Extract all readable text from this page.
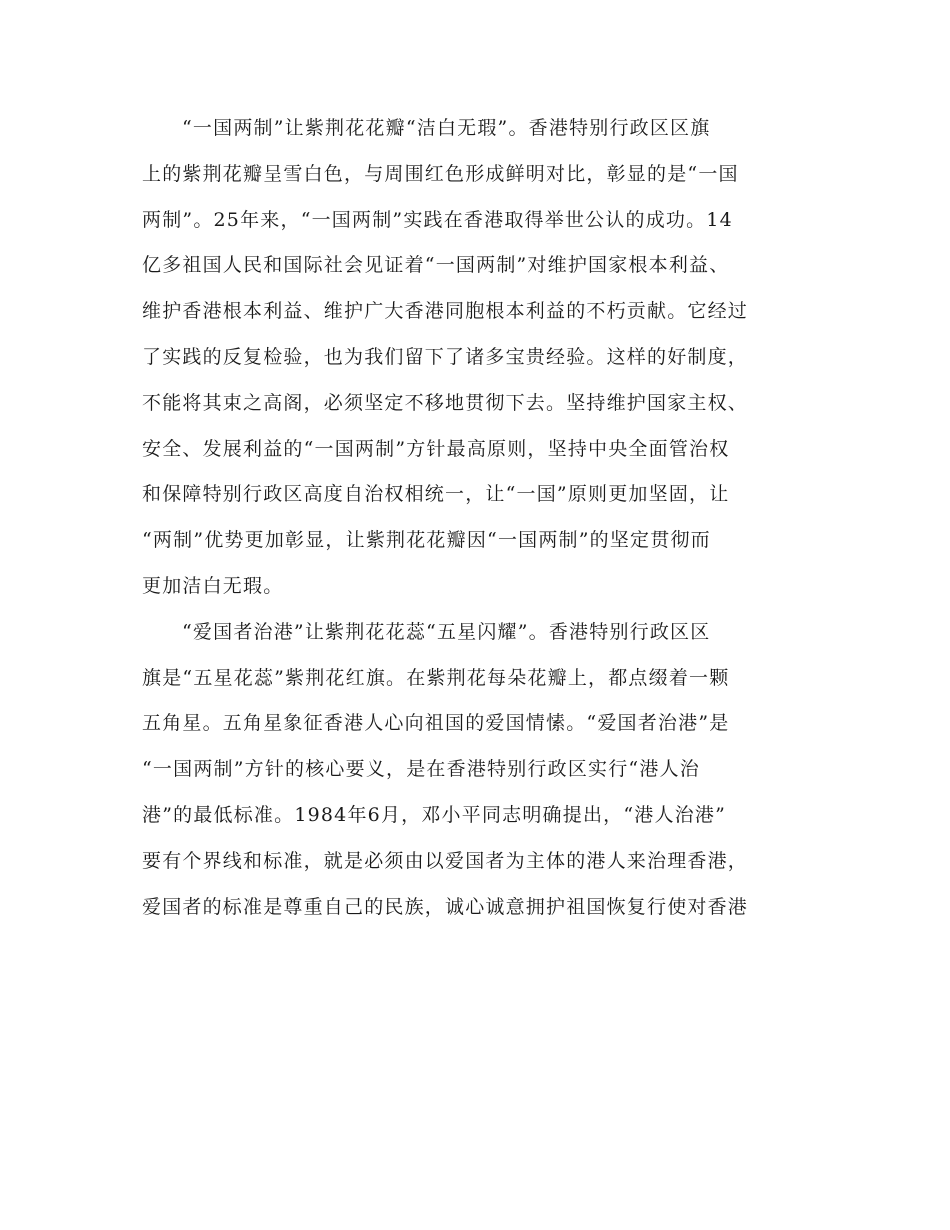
“一国两制”让紫荆花花瓣“洁白无瑕”。香港特别行政区区旗
上的紫荆花瓣呈雪白色，与周围红色形成鲜明对比，彰显的是“一国
两制”。25年来，“一国两制”实践在香港取得举世公认的成功。14
亿多祖国人民和国际社会见证着“一国两制”对维护国家根本利益、
维护香港根本利益、维护广大香港同胞根本利益的不朽贡献。它经过
了实践的反复检验，也为我们留下了诸多宝贵经验。这样的好制度，
不能将其束之高阁，必须坚定不移地贯彻下去。坚持维护国家主权、
安全、发展利益的“一国两制”方针最高原则，坚持中央全面管治权
和保障特别行政区高度自治权相统一，让“一国”原则更加坚固，让
“两制”优势更加彰显，让紫荆花花瓣因“一国两制”的坚定贯彻而
更加洁白无瑕。
“爱国者治港”让紫荆花花蕊“五星闪耀”。香港特别行政区区
旗是“五星花蕊”紫荆花红旗。在紫荆花每朵花瓣上，都点缀着一颗
五角星。五角星象征香港人心向祖国的爱国情愫。“爱国者治港”是
“一国两制”方针的核心要义，是在香港特别行政区实行“港人治
港”的最低标准。1984年6月，邓小平同志明确提出，“港人治港”
要有个界线和标准，就是必须由以爱国者为主体的港人来治理香港，
爱国者的标准是尊重自己的民族，诚心诚意拥护祖国恢复行使对香港
